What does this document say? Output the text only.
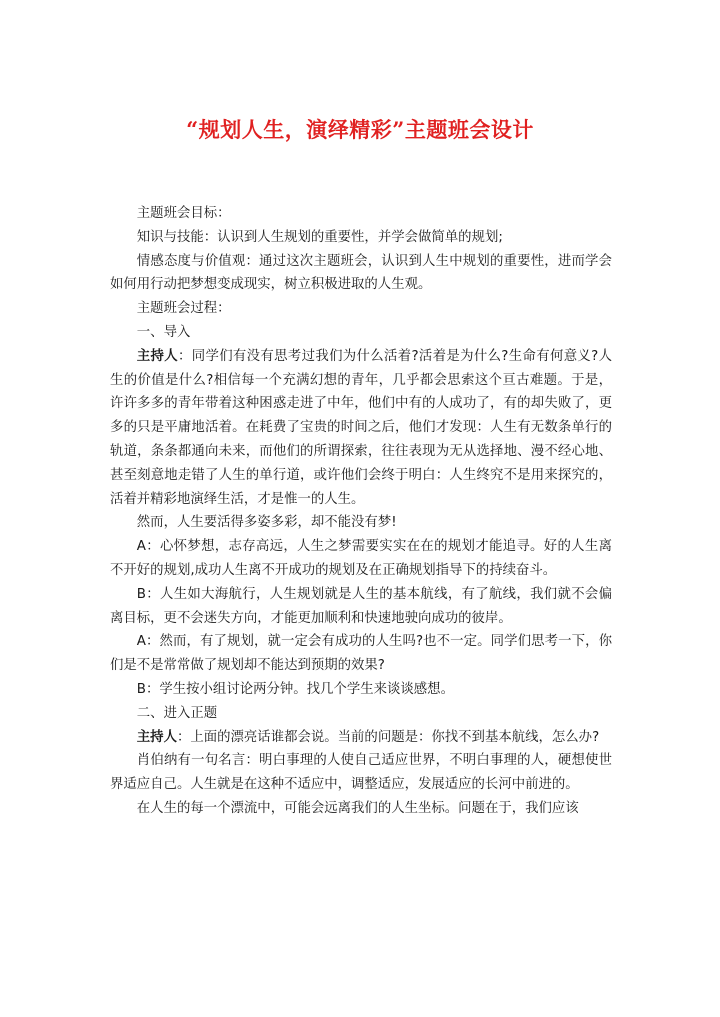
“规划人生，演绎精彩”主题班会设计

主题班会目标：

知识与技能：认识到人生规划的重要性，并学会做简单的规划;

情感态度与价值观：通过这次主题班会，认识到人生中规划的重要性，进而学会如何用行动把梦想变成现实，树立积极进取的人生观。

主题班会过程：

一、导入

主持人：同学们有没有思考过我们为什么活着?活着是为什么?生命有何意义?人生的价值是什么?相信每一个充满幻想的青年，几乎都会思索这个亘古难题。于是，许许多多的青年带着这种困惑走进了中年，他们中有的人成功了，有的却失败了，更多的只是平庸地活着。在耗费了宝贵的时间之后，他们才发现：人生有无数条单行的轨道，条条都通向未来，而他们的所谓探索，往往表现为无从选择地、漫不经心地、甚至刻意地走错了人生的单行道，或许他们会终于明白：人生终究不是用来探究的，活着并精彩地演绎生活，才是惟一的人生。

然而，人生要活得多姿多彩，却不能没有梦!

A：心怀梦想，志存高远，人生之梦需要实实在在的规划才能追寻。好的人生离不开好的规划,成功人生离不开成功的规划及在正确规划指导下的持续奋斗。

B：人生如大海航行，人生规划就是人生的基本航线，有了航线，我们就不会偏离目标，更不会迷失方向，才能更加顺利和快速地驶向成功的彼岸。

A：然而，有了规划，就一定会有成功的人生吗?也不一定。同学们思考一下，你们是不是常常做了规划却不能达到预期的效果?

B：学生按小组讨论两分钟。找几个学生来谈谈感想。

二、进入正题

主持人：上面的漂亮话谁都会说。当前的问题是：你找不到基本航线，怎么办?

肖伯纳有一句名言：明白事理的人使自己适应世界，不明白事理的人，硬想使世界适应自己。人生就是在这种不适应中，调整适应，发展适应的长河中前进的。

在人生的每一个漂流中，可能会远离我们的人生坐标。问题在于，我们应该
